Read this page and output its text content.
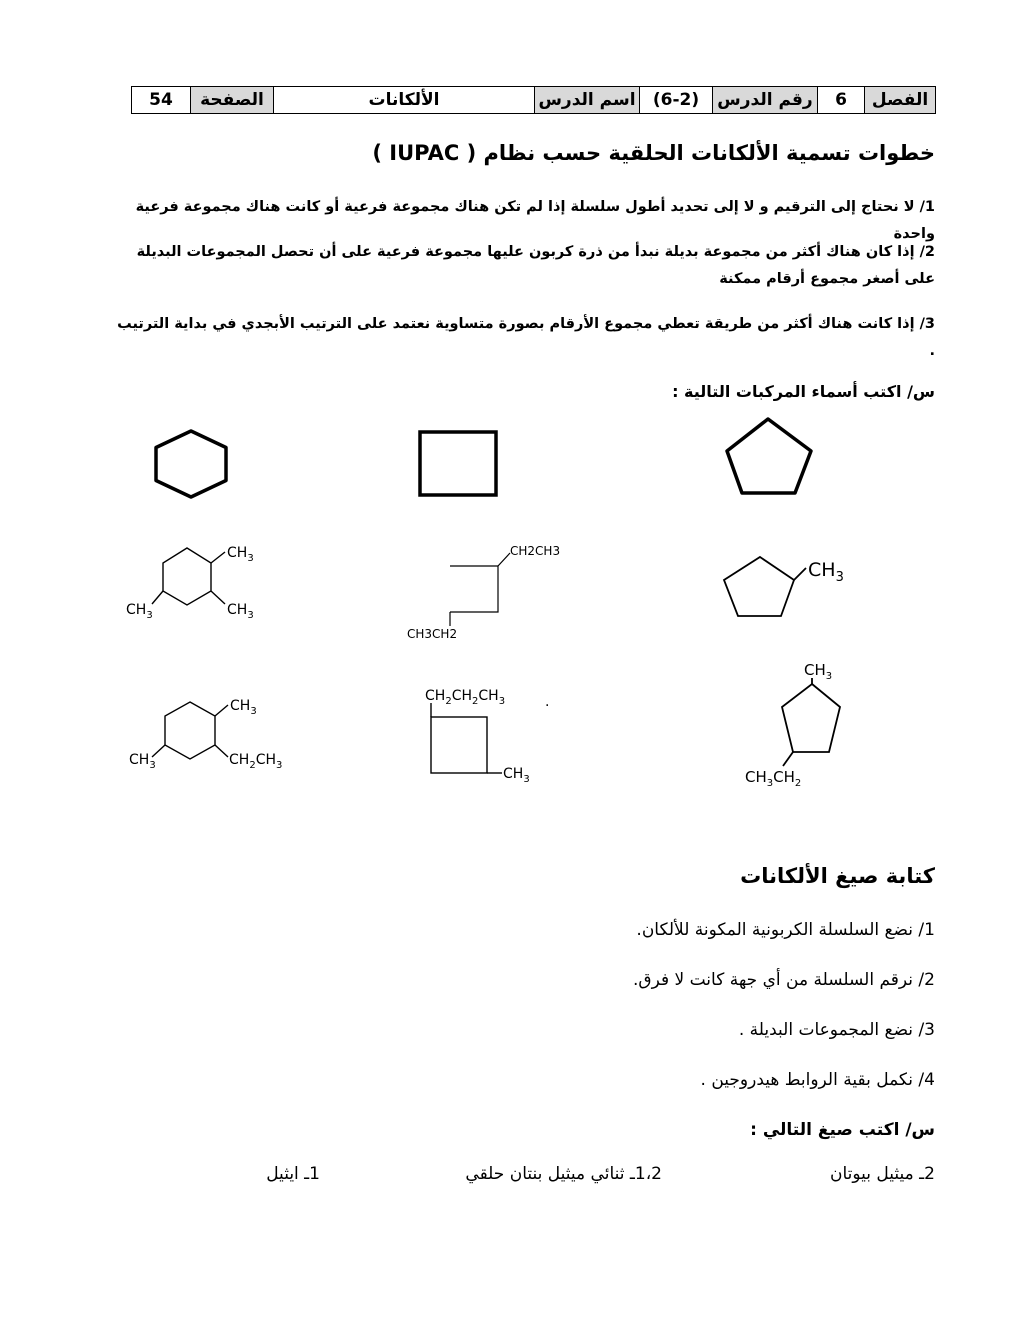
الفصل	6	رقم الدرس	(6-2)	اسم الدرس	الألكانات	الصفحة	54
خطوات تسمية الألكانات الحلقية حسب نظام ( IUPAC )
1/ لا نحتاج إلى الترقيم و لا إلى تحديد أطول سلسلة إذا لم تكن هناك مجموعة فرعية أو كانت هناك مجموعة فرعية واحدة
2/ إذا كان هناك أكثر من مجموعة بديلة نبدأ من ذرة كربون عليها مجموعة فرعية على أن تحصل المجموعات البديلة على أصغر مجموع أرقام ممكنة
3/ إذا كانت هناك أكثر من طريقة تعطي مجموع الأرقام بصورة متساوية نعتمد على الترتيب الأبجدي في بداية الترتيب .
س/ اكتب أسماء المركبات التالية :
$CH_3$
$CH_3$
$CH_3$
CH2CH3
CH3CH2
$CH_3$
$CH_3$
$CH_3$	$CH_2CH_3$
$CH_2CH_2CH_3$
$CH_3$
.
$CH_3$
$CH_3CH_2$
كتابة صيغ الألكانات
1/ نضع السلسلة الكربونية المكونة للألكان.
2/ نرقم السلسلة من أي جهة كانت لا فرق.
3/ نضع المجموعات البديلة .
4/ نكمل بقية الروابط هيدروجين .
س/ اكتب صيغ التالي :
2ـ ميثيل بيوتان
1،2ـ ثنائي ميثيل بنتان حلقي
1ـ ايثيل
